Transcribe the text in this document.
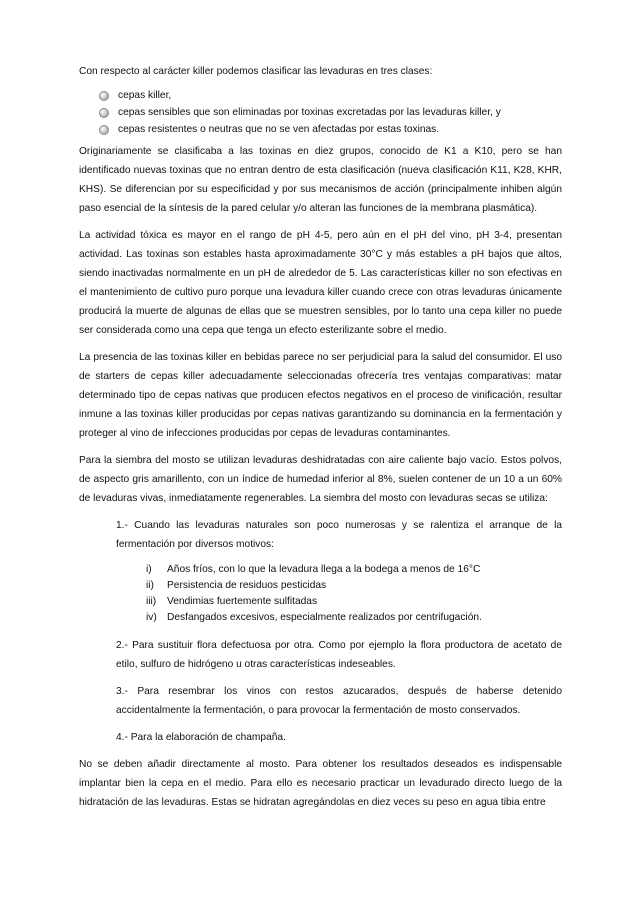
Con respecto al carácter killer podemos clasificar las levaduras en tres clases:

cepas killer,
cepas sensibles que son eliminadas por toxinas excretadas por las levaduras killer, y
cepas resistentes o neutras que no se ven afectadas por estas toxinas.

Originariamente se clasificaba a las toxinas en diez grupos, conocido de K1 a K10, pero se han identificado nuevas toxinas que no entran dentro de esta clasificación (nueva clasificación K11, K28, KHR, KHS). Se diferencian por su especificidad y por sus mecanismos de acción (principalmente inhiben algún paso esencial de la síntesis de la pared celular y/o alteran las funciones de la membrana plasmática).

La actividad tóxica es mayor en el rango de pH 4-5, pero aún en el pH del vino, pH 3-4, presentan actividad. Las toxinas son estables hasta aproximadamente 30°C y más estables a pH bajos que altos, siendo inactivadas normalmente en un pH de alrededor de 5. Las características killer no son efectivas en el mantenimiento de cultivo puro porque una levadura killer cuando crece con otras levaduras únicamente producirá la muerte de algunas de ellas que se muestren sensibles, por lo tanto una cepa killer no puede ser considerada como una cepa que tenga un efecto esterilizante sobre el medio.

La presencia de las toxinas killer en bebidas parece no ser perjudicial para la salud del consumidor. El uso de starters de cepas killer adecuadamente seleccionadas ofrecería tres ventajas comparativas: matar determinado tipo de cepas nativas que producen efectos negativos en el proceso de vinificación, resultar inmune a las toxinas killer producidas por cepas nativas garantizando su dominancia en la fermentación y proteger al vino de infecciones producidas por cepas de levaduras contaminantes.

Para la siembra del mosto se utilizan levaduras deshidratadas con aire caliente bajo vacío. Estos polvos, de aspecto gris amarillento, con un índice de humedad inferior al 8%, suelen contener de un 10 a un 60% de levaduras vivas, inmediatamente regenerables. La siembra del mosto con levaduras secas se utiliza:

1.- Cuando las levaduras naturales son poco numerosas y se ralentiza el arranque de la fermentación por diversos motivos:

i)	Años fríos, con lo que la levadura llega a la bodega a menos de 16°C
ii)	Persistencia de residuos pesticidas
iii)	Vendimias fuertemente sulfitadas
iv)	Desfangados excesivos, especialmente realizados por centrifugación.

2.- Para sustituir flora defectuosa por otra. Como por ejemplo la flora productora de acetato de etilo, sulfuro de hidrógeno u otras características indeseables.

3.- Para resembrar los vinos con restos azucarados, después de haberse detenido accidentalmente la fermentación, o para provocar la fermentación de mosto conservados.

4.- Para la elaboración de champaña.

No se deben añadir directamente al mosto. Para obtener los resultados deseados es indispensable implantar bien la cepa en el medio. Para ello es necesario practicar un levadurado directo luego de la hidratación de las levaduras. Estas se hidratan agregándolas en diez veces su peso en agua tibia entre
